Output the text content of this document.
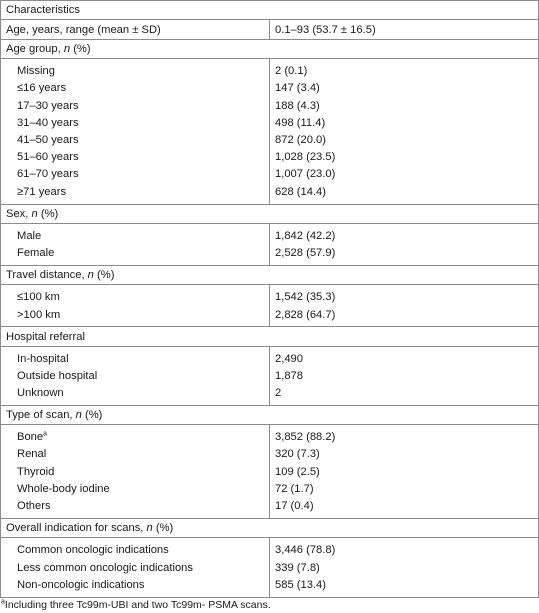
Characteristics	
Age, years, range (mean ± SD)	0.1–93 (53.7 ± 16.5)
Age group, n (%)	
Missing	2 (0.1)
≤16 years	147 (3.4)
17–30 years	188 (4.3)
31–40 years	498 (11.4)
41–50 years	872 (20.0)
51–60 years	1,028 (23.5)
61–70 years	1,007 (23.0)
≥71 years	628 (14.4)
Sex, n (%)	
Male	1,842 (42.2)
Female	2,528 (57.9)
Travel distance, n (%)	
≤100 km	1,542 (35.3)
>100 km	2,828 (64.7)
Hospital referral	
In-hospital	2,490
Outside hospital	1,878
Unknown	2
Type of scan, n (%)	
Bone$^a$	3,852 (88.2)
Renal	320 (7.3)
Thyroid	109 (2.5)
Whole-body iodine	72 (1.7)
Others	17 (0.4)
Overall indication for scans, n (%)	
Common oncologic indications	3,446 (78.8)
Less common oncologic indications	339 (7.8)
Non-oncologic indications	585 (13.4)
$^a$Including three Tc99m-UBI and two Tc99m- PSMA scans.
